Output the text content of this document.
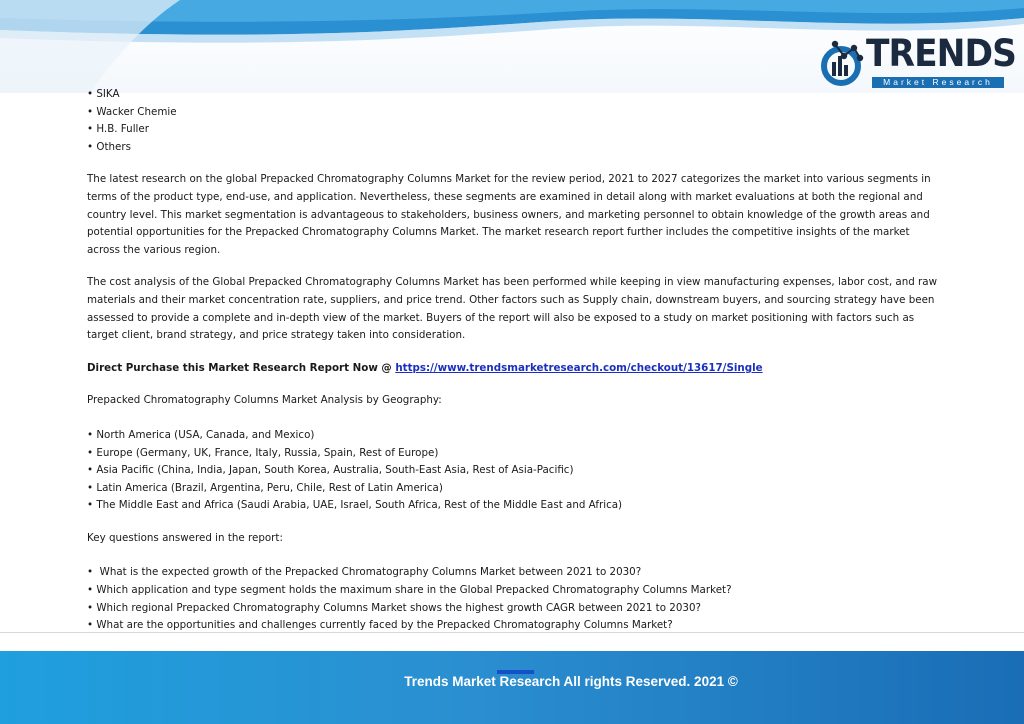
TRENDS
Market Research
• SIKA
• Wacker Chemie
• H.B. Fuller
• Others

The latest research on the global Prepacked Chromatography Columns Market for the review period, 2021 to 2027 categorizes the market into various segments in terms of the product type, end-use, and application. Nevertheless, these segments are examined in detail along with market evaluations at both the regional and country level. This market segmentation is advantageous to stakeholders, business owners, and marketing personnel to obtain knowledge of the growth areas and potential opportunities for the Prepacked Chromatography Columns Market. The market research report further includes the competitive insights of the market across the various region.

The cost analysis of the Global Prepacked Chromatography Columns Market has been performed while keeping in view manufacturing expenses, labor cost, and raw materials and their market concentration rate, suppliers, and price trend. Other factors such as Supply chain, downstream buyers, and sourcing strategy have been assessed to provide a complete and in-depth view of the market. Buyers of the report will also be exposed to a study on market positioning with factors such as target client, brand strategy, and price strategy taken into consideration.

Direct Purchase this Market Research Report Now @ https://www.trendsmarketresearch.com/checkout/13617/Single

Prepacked Chromatography Columns Market Analysis by Geography:

• North America (USA, Canada, and Mexico)
• Europe (Germany, UK, France, Italy, Russia, Spain, Rest of Europe)
• Asia Pacific (China, India, Japan, South Korea, Australia, South-East Asia, Rest of Asia-Pacific)
• Latin America (Brazil, Argentina, Peru, Chile, Rest of Latin America)
• The Middle East and Africa (Saudi Arabia, UAE, Israel, South Africa, Rest of the Middle East and Africa)

Key questions answered in the report:

•  What is the expected growth of the Prepacked Chromatography Columns Market between 2021 to 2030?
• Which application and type segment holds the maximum share in the Global Prepacked Chromatography Columns Market?
• Which regional Prepacked Chromatography Columns Market shows the highest growth CAGR between 2021 to 2030?
• What are the opportunities and challenges currently faced by the Prepacked Chromatography Columns Market?
Trends Market Research All rights Reserved. 2021 ©
